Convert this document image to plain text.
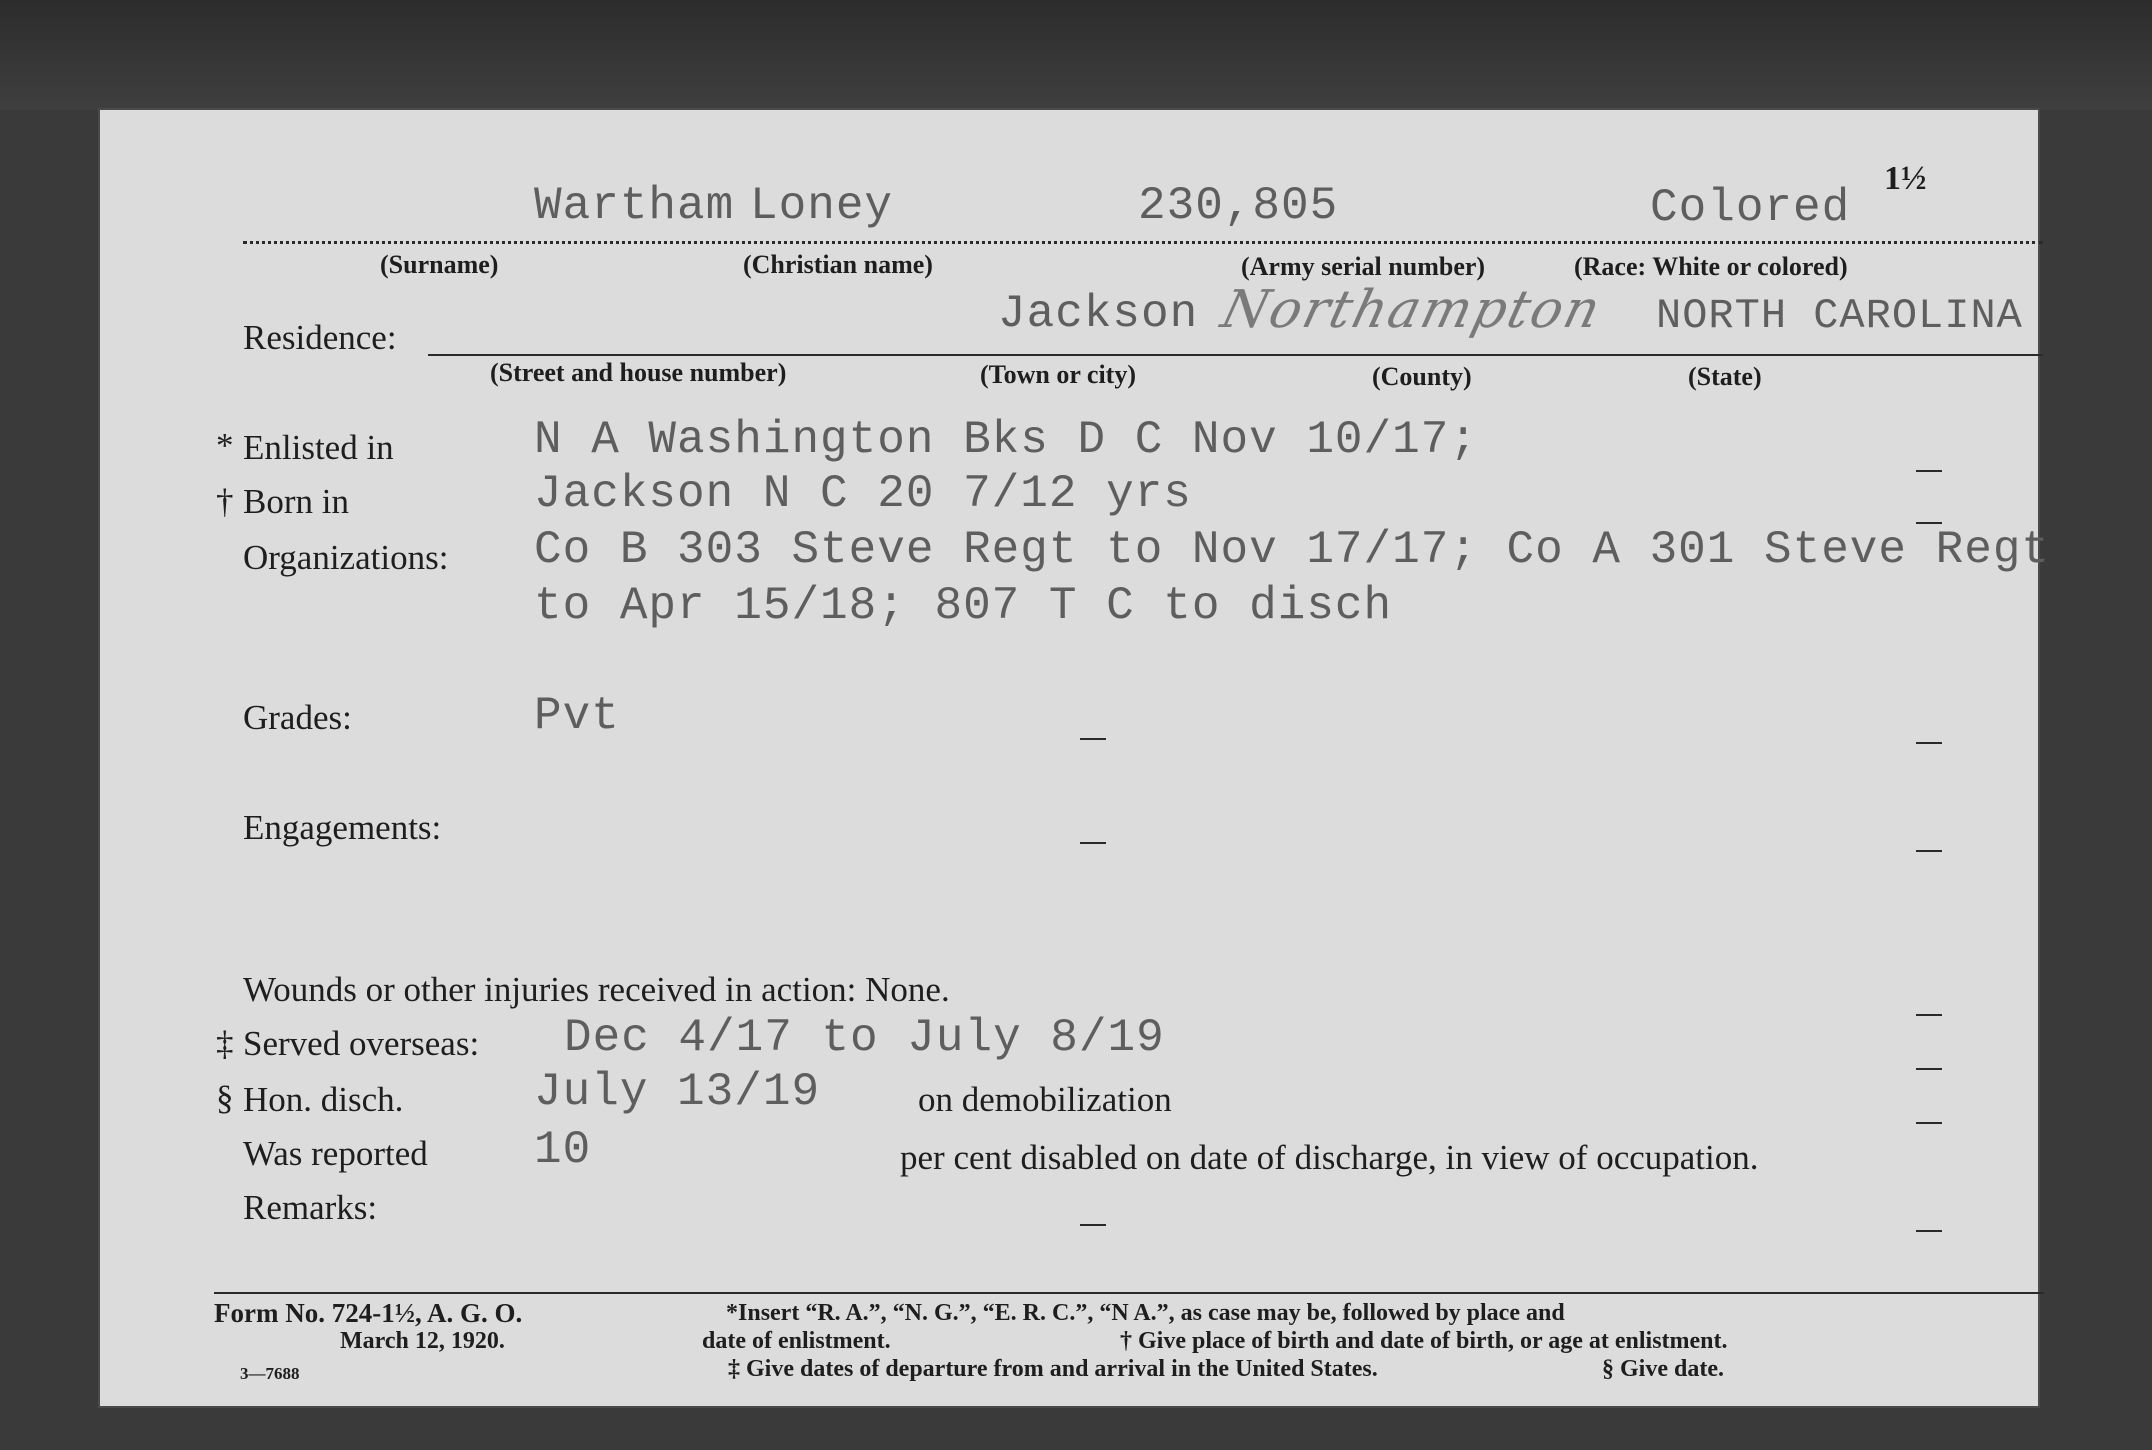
Wartham Loney	230,805	Colored
1½
(Surname)	(Christian name)	(Army serial number)	(Race: White or colored)
Residence:	Jackson Northampton NORTH CAROLINA
(Street and house number)	(Town or city)	(County)	(State)
* Enlisted in	N A Washington Bks D C Nov 10/17;
† Born in	Jackson N C 20 7/12 yrs
Organizations: Co B 303 Steve Regt to Nov 17/17; Co A 301 Steve Regt
to Apr 15/18; 807 T C to disch
Grades:	Pvt
Engagements:
Wounds or other injuries received in action: None.
‡ Served overseas: Dec 4/17 to July 8/19
§ Hon. disch.	July 13/19	on demobilization
Was reported 10	per cent disabled on date of discharge, in view of occupation.
Remarks:
Form No. 724-1½, A. G. O.
March 12, 1920.
3—7688
*Insert “R. A.”, “N. G.”, “E. R. C.”, “N A.”, as case may be, followed by place and
date of enlistment.	† Give place of birth and date of birth, or age at enlistment.
‡ Give dates of departure from and arrival in the United States.	§ Give date.
